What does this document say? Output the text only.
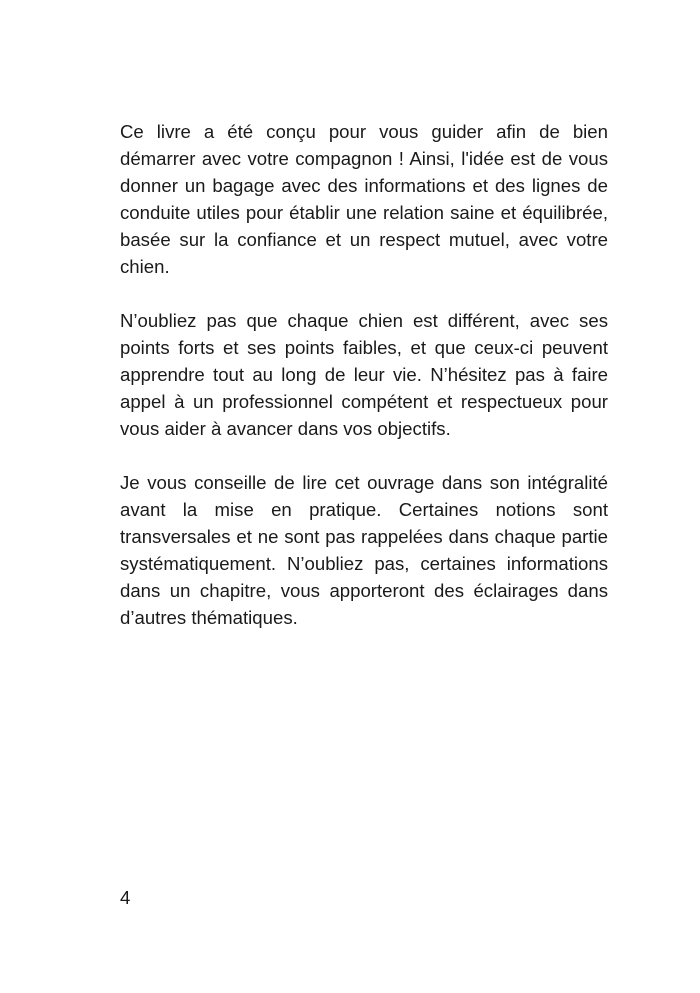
Ce livre a été conçu pour vous guider afin de bien démarrer avec votre compagnon ! Ainsi, l'idée est de vous donner un bagage avec des informations et des lignes de conduite utiles pour établir une relation saine et équilibrée, basée sur la confiance et un respect mutuel, avec votre chien.

N’oubliez pas que chaque chien est différent, avec ses points forts et ses points faibles, et que ceux-ci peuvent apprendre tout au long de leur vie. N’hésitez pas à faire appel à un professionnel compétent et respectueux pour vous aider à avancer dans vos objectifs.

Je vous conseille de lire cet ouvrage dans son intégralité avant la mise en pratique. Certaines notions sont transversales et ne sont pas rappelées dans chaque partie systématiquement. N’oubliez pas, certaines informations dans un chapitre, vous apporteront des éclairages dans d’autres thématiques.

4
